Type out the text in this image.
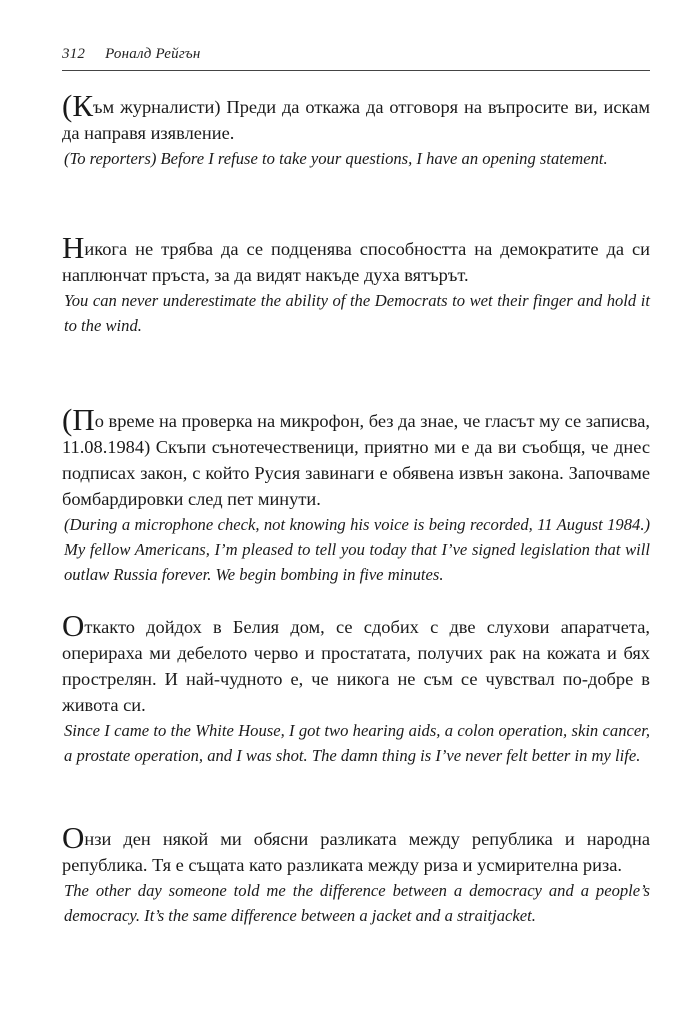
312 Роналд Рейгън

(Към журналисти) Преди да откажа да отговоря на въпросите ви, искам да направя изявление.

(To reporters) Before I refuse to take your questions, I have an opening statement.

Никога не трябва да се подценява способността на демократите да си наплюнчат пръста, за да видят накъде духа вятърът.

You can never underestimate the ability of the Democrats to wet their finger and hold it to the wind.

(По време на проверка на микрофон, без да знае, че гласът му се записва, 11.08.1984) Скъпи сънотечественици, приятно ми е да ви съобщя, че днес подписах закон, с който Русия завинаги е обявена извън закона. Започваме бомбардировки след пет минути.

(During a microphone check, not knowing his voice is being recorded, 11 August 1984.) My fellow Americans, I’m pleased to tell you today that I’ve signed legislation that will outlaw Russia forever. We begin bombing in five minutes.

Откакто дойдох в Белия дом, се сдобих с две слухови апаратчета, оперираха ми дебелото черво и простатата, получих рак на кожата и бях прострелян. И най-чудното е, че никога не съм се чувствал по-добре в живота си.

Since I came to the White House, I got two hearing aids, a colon operation, skin cancer, a prostate operation, and I was shot. The damn thing is I’ve never felt better in my life.

Онзи ден някой ми обясни разликата между република и народна република. Тя е същата като разликата между риза и усмирителна риза.

The other day someone told me the difference between a democracy and a people’s democracy. It’s the same difference between a jacket and a straitjacket.
